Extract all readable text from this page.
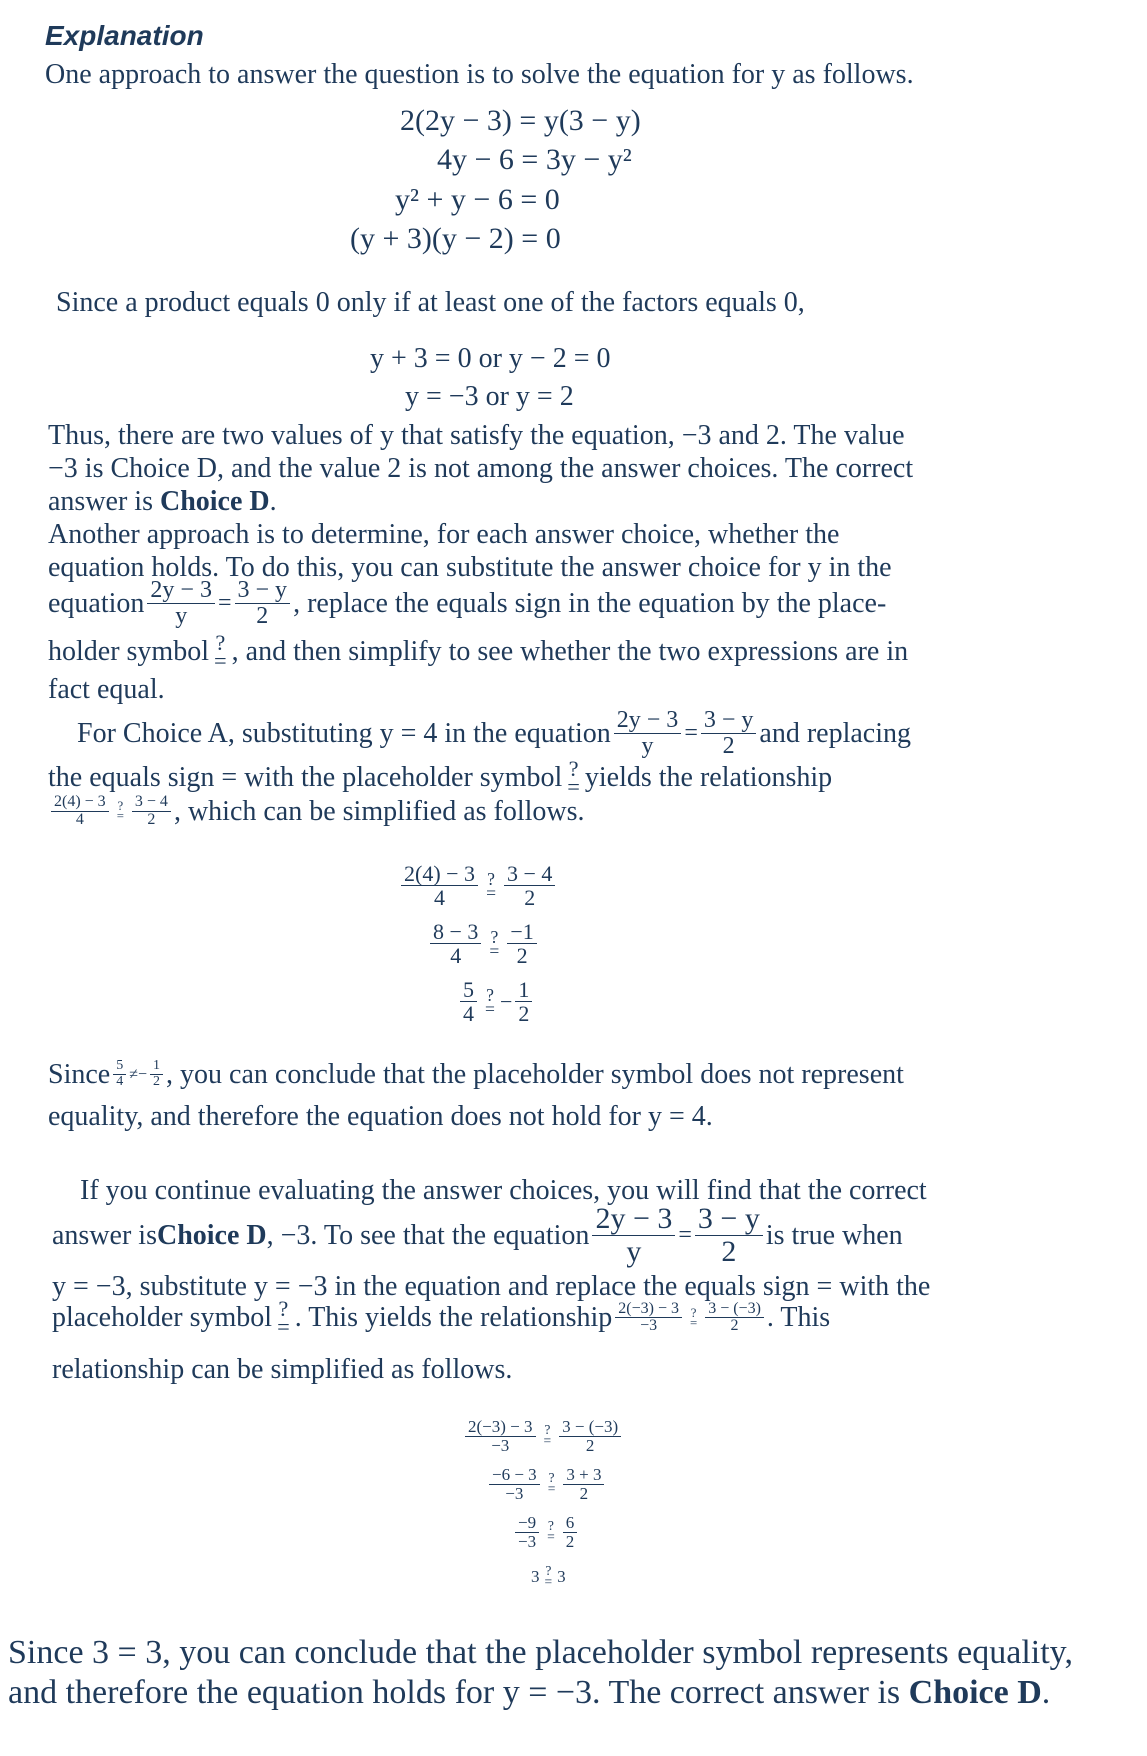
Explanation
One approach to answer the question is to solve the equation for y as follows.
2(2y − 3) = y(3 − y)
4y − 6 = 3y − y²
y² + y − 6 = 0
(y + 3)(y − 2) = 0
Since a product equals 0 only if at least one of the factors equals 0,
y + 3 = 0 or y − 2 = 0
y = −3 or y = 2
Thus, there are two values of y that satisfy the equation, −3 and 2. The value
−3 is Choice D, and the value 2 is not among the answer choices. The correct
answer is Choice D.
Another approach is to determine, for each answer choice, whether the
equation holds. To do this, you can substitute the answer choice for y in the
equation $\frac{2y - 3}{y} = \frac{3 - y}{2}$ , replace the equals sign in the equation by the place-
holder symbol ?
= , and then simplify to see whether the two expressions are in
fact equal.
For Choice A, substituting y = 4 in the equation $\frac{2y - 3}{y} = \frac{3 - y}{2}$ and replacing
the equals sign = with the placeholder symbol ?
= yields the relationship
$\frac{2(4) - 3}{4}$ ?
= $\frac{3 - 4}{2}$ , which can be simplified as follows.
$\frac{2(4) - 3}{4}$ ?
= $\frac{3 - 4}{2}$
$\frac{8 - 3}{4}$ ?
= $\frac{-1}{2}$
$\frac{5}{4}$ ?
= − $\frac{1}{2}$
Since $\frac{5}{4}$ ≠ − $\frac{1}{2}$ , you can conclude that the placeholder symbol does not represent
equality, and therefore the equation does not hold for y = 4.
If you continue evaluating the answer choices, you will find that the correct
answer is Choice D , −3. To see that the equation $\frac{2y - 3}{y} = \frac{3 - y}{2}$ is true when
y = −3, substitute y = −3 in the equation and replace the equals sign = with the
placeholder symbol ?
= . This yields the relationship $\frac{2(-3) - 3}{-3}$ ?
= $\frac{3 - (-3)}{2}$ . This
relationship can be simplified as follows.
$\frac{2(-3) - 3}{-3}$ ?
= $\frac{3 - (-3)}{2}$
$\frac{-6 - 3}{-3}$ ?
= $\frac{3 + 3}{2}$
$\frac{-9}{-3}$ ?
= $\frac{6}{2}$
3 ?
= 3
Since 3 = 3, you can conclude that the placeholder symbol represents equality,
and therefore the equation holds for y = −3. The correct answer is Choice D.
